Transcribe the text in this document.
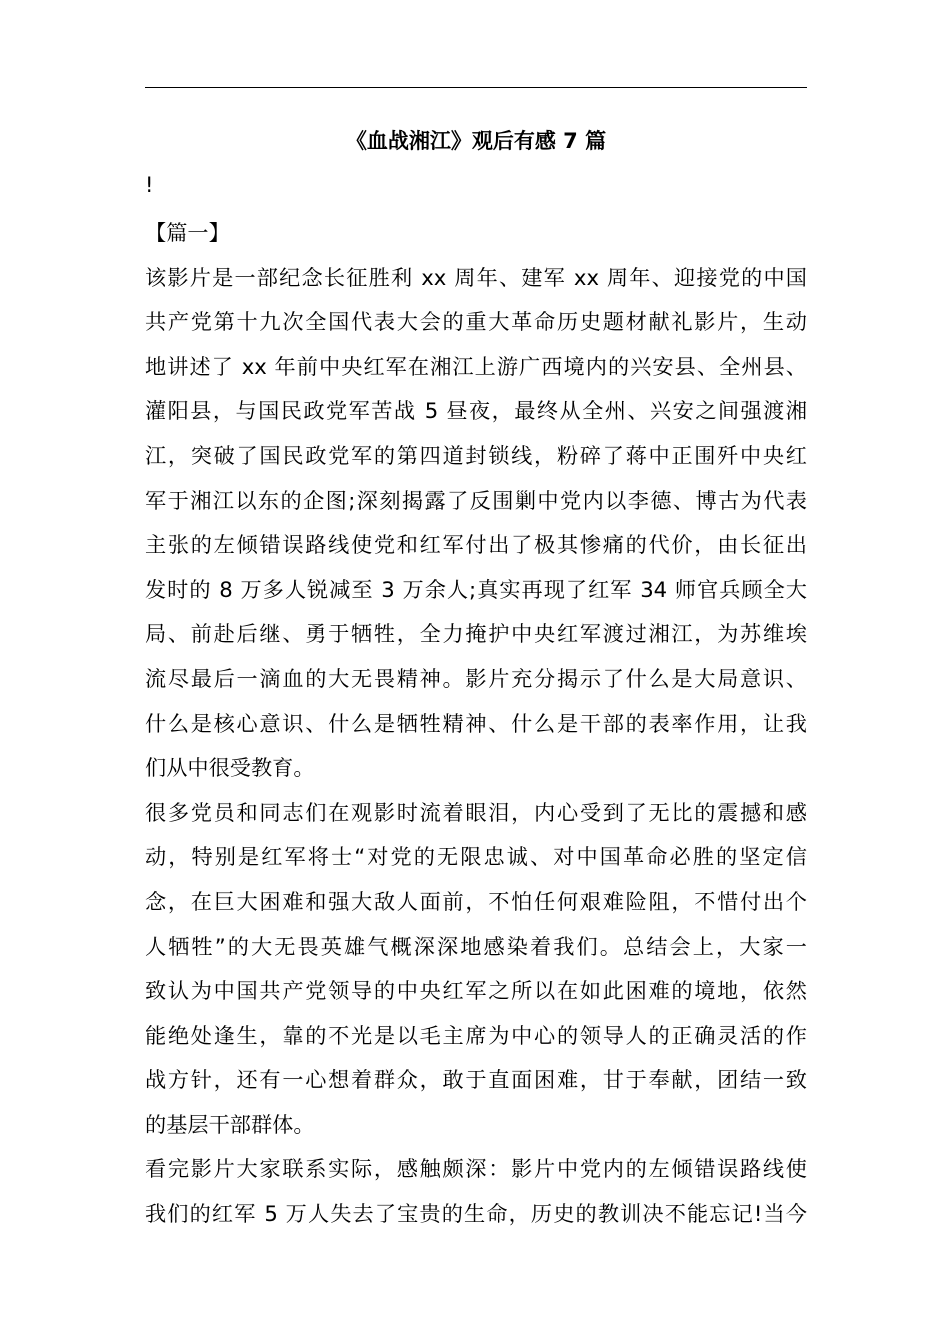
《血战湘江》观后有感 7 篇
!
【篇一】
该影片是一部纪念长征胜利 xx 周年、建军 xx 周年、迎接党的中国
共产党第十九次全国代表大会的重大革命历史题材献礼影片，生动
地讲述了 xx 年前中央红军在湘江上游广西境内的兴安县、全州县、
灌阳县，与国民政党军苦战 5 昼夜，最终从全州、兴安之间强渡湘
江，突破了国民政党军的第四道封锁线，粉碎了蒋中正围歼中央红
军于湘江以东的企图;深刻揭露了反围剿中党内以李德、博古为代表
主张的左倾错误路线使党和红军付出了极其惨痛的代价，由长征出
发时的 8 万多人锐减至 3 万余人;真实再现了红军 34 师官兵顾全大
局、前赴后继、勇于牺牲，全力掩护中央红军渡过湘江，为苏维埃
流尽最后一滴血的大无畏精神。影片充分揭示了什么是大局意识、
什么是核心意识、什么是牺牲精神、什么是干部的表率作用，让我
们从中很受教育。
很多党员和同志们在观影时流着眼泪，内心受到了无比的震撼和感
动，特别是红军将士“对党的无限忠诚、对中国革命必胜的坚定信
念，在巨大困难和强大敌人面前，不怕任何艰难险阻，不惜付出个
人牺牲”的大无畏英雄气概深深地感染着我们。总结会上，大家一
致认为中国共产党领导的中央红军之所以在如此困难的境地，依然
能绝处逢生，靠的不光是以毛主席为中心的领导人的正确灵活的作
战方针，还有一心想着群众，敢于直面困难，甘于奉献，团结一致
的基层干部群体。
看完影片大家联系实际，感触颇深：影片中党内的左倾错误路线使
我们的红军 5 万人失去了宝贵的生命，历史的教训决不能忘记!当今
